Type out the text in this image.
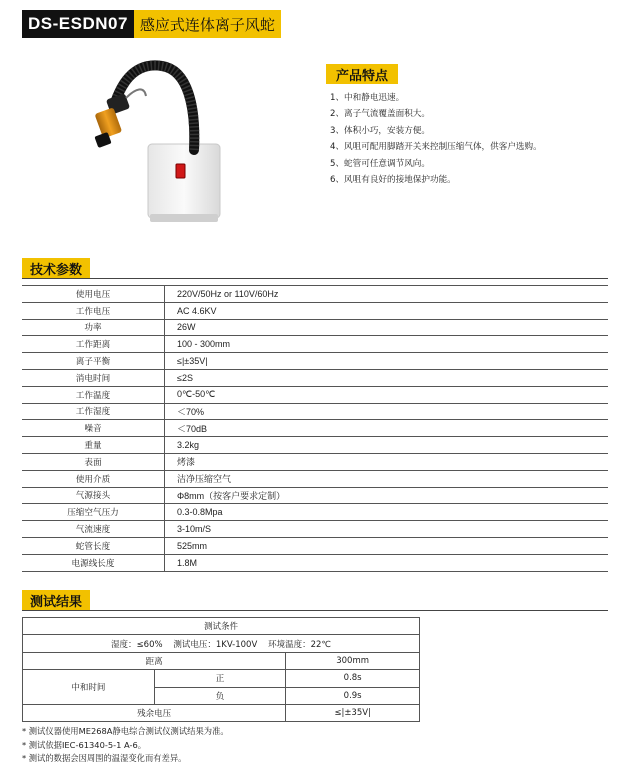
DS-ESDN07 感应式连体离子风蛇
产品特点
1、中和静电迅速。
2、离子气流覆盖面积大。
3、体积小巧，安装方便。
4、风咀可配用脚踏开关来控制压缩气体，供客户选购。
5、蛇管可任意调节风向。
6、风咀有良好的接地保护功能。
技术参数
使用电压	220V/50Hz or 110V/60Hz
工作电压	AC 4.6KV
功率	26W
工作距离	100 - 300mm
离子平衡	≤|±35V|
消电时间	≤2S
工作温度	0℃-50℃
工作湿度	＜70%
噪音	＜70dB
重量	3.2kg
表面	烤漆
使用介质	洁净压缩空气
气源接头	Φ8mm（按客户要求定制）
压缩空气压力	0.3-0.8Mpa
气流速度	3-10m/S
蛇管长度	525mm
电源线长度	1.8M
测试结果
测试条件		
湿度：≤60%    测试电压：1KV-100V    环境温度：22℃		
距离		300mm
中和时间	正	0.8s
	负	0.9s
残余电压		≤|±35V|
* 测试仪器使用ME268A静电综合测试仪测试结果为准。
* 测试依据IEC-61340-5-1 A-6。
* 测试的数据会因周围的温湿变化而有差异。
